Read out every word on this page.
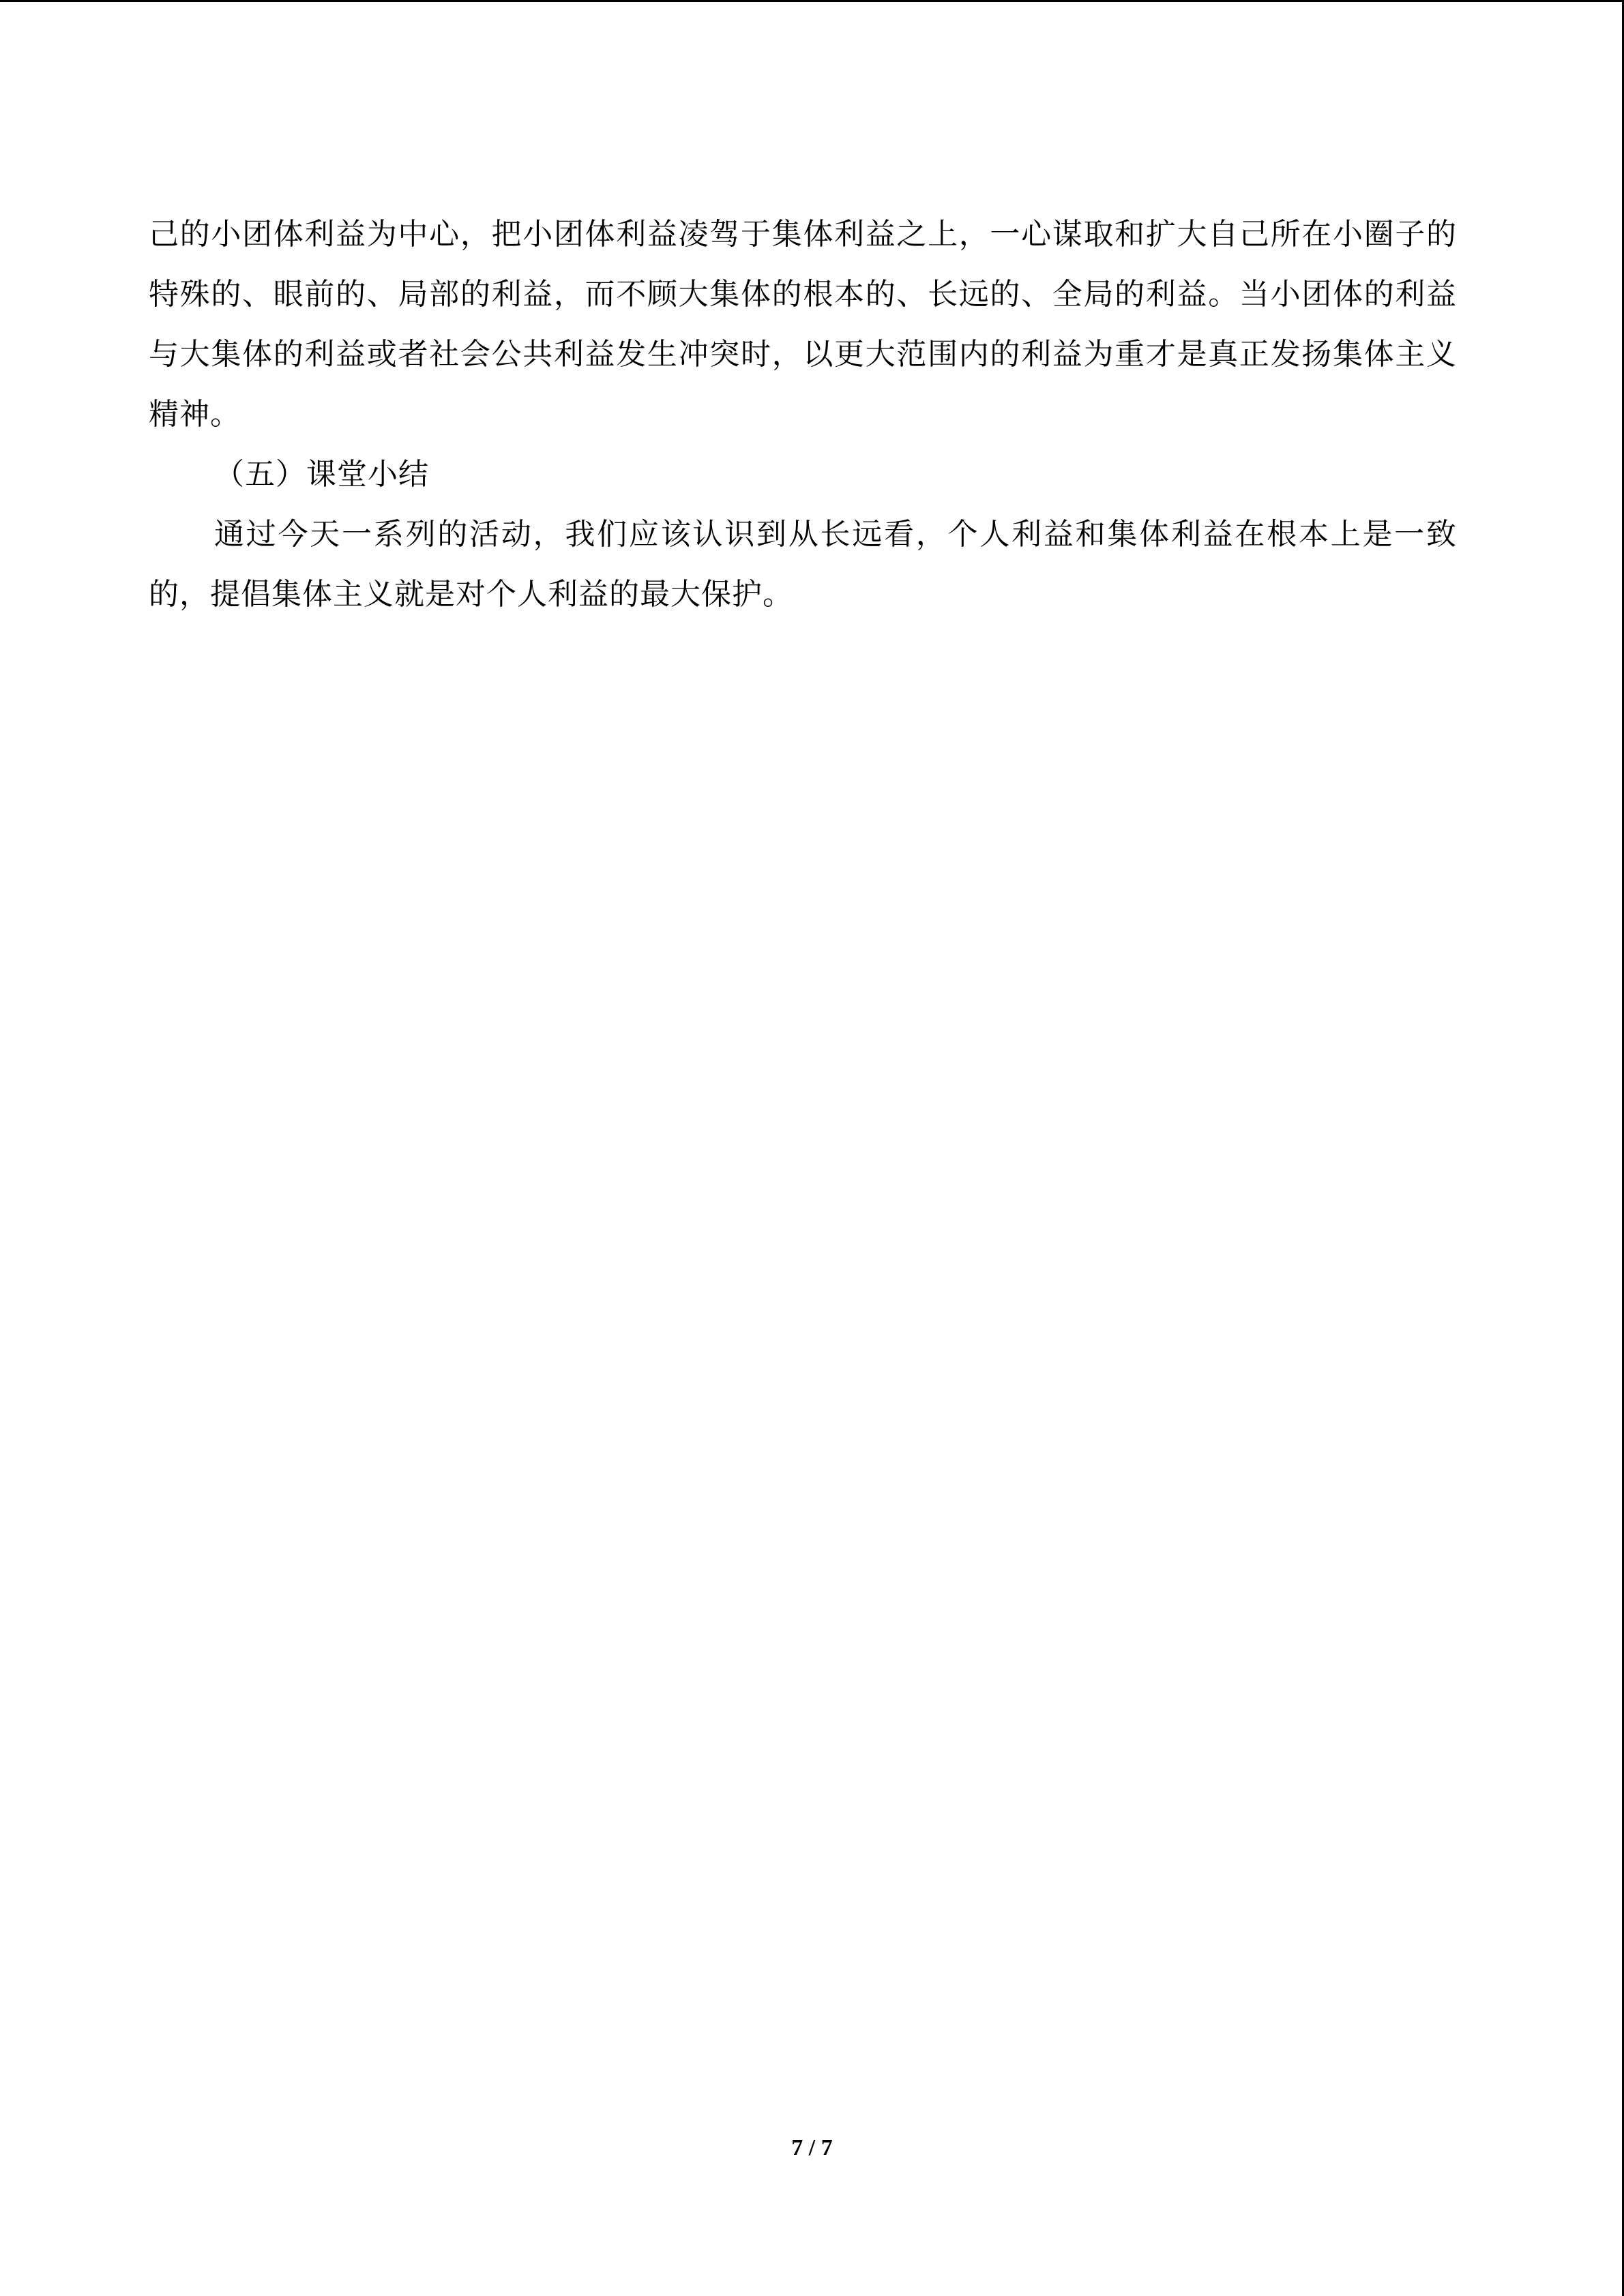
己的小团体利益为中心，把小团体利益凌驾于集体利益之上，一心谋取和扩大自己所在小圈子的特殊的、眼前的、局部的利益，而不顾大集体的根本的、长远的、全局的利益。当小团体的利益与大集体的利益或者社会公共利益发生冲突时，以更大范围内的利益为重才是真正发扬集体主义精神。

（五）课堂小结

通过今天一系列的活动，我们应该认识到从长远看，个人利益和集体利益在根本上是一致的，提倡集体主义就是对个人利益的最大保护。

7 / 7
